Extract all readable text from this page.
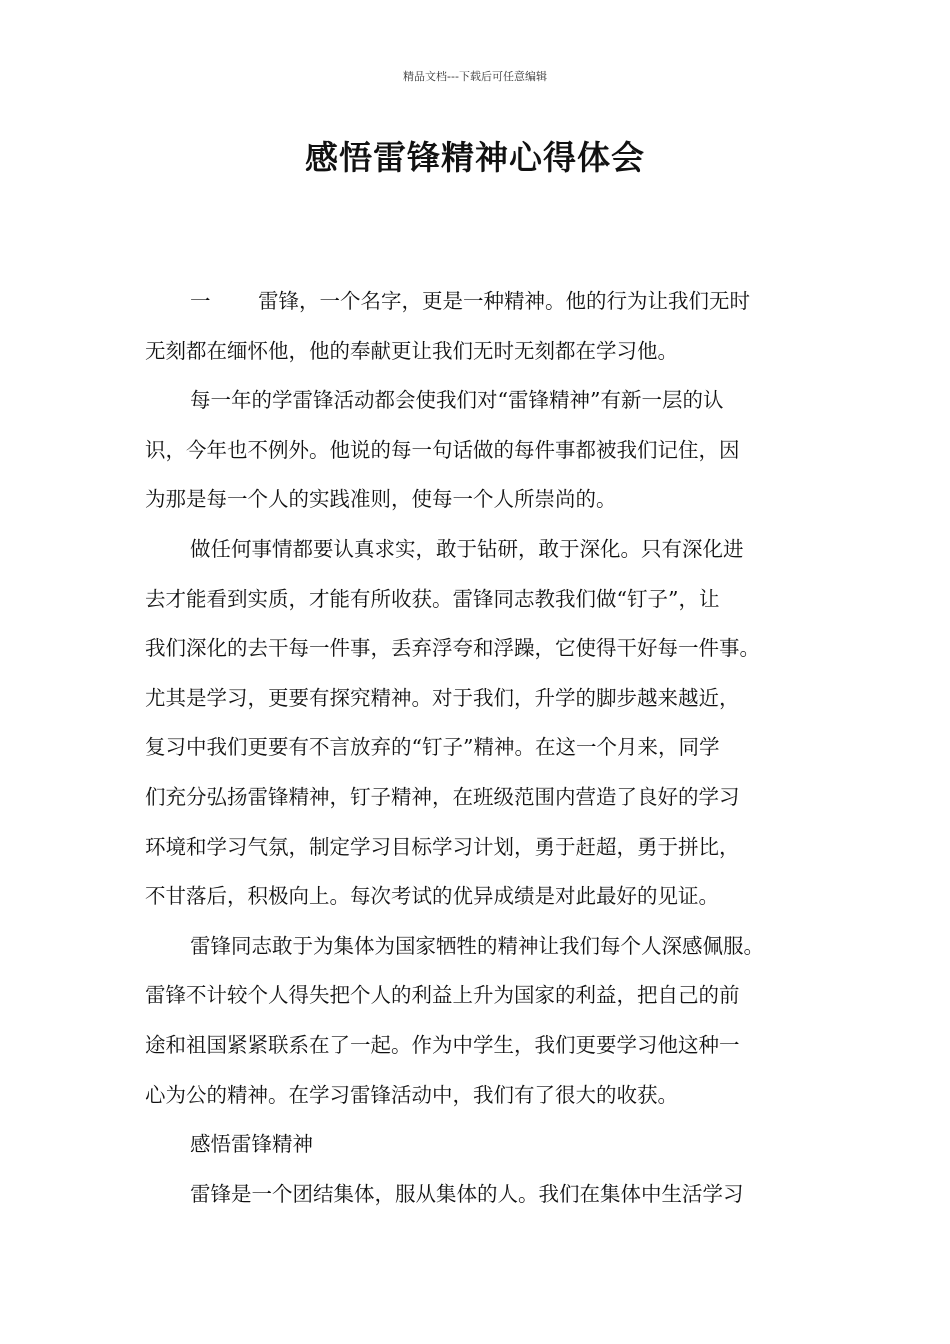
精品文档---下载后可任意编辑
感悟雷锋精神心得体会
一 雷锋，一个名字，更是一种精神。他的行为让我们无时
无刻都在缅怀他，他的奉献更让我们无时无刻都在学习他。
每一年的学雷锋活动都会使我们对“雷锋精神”有新一层的认
识，今年也不例外。他说的每一句话做的每件事都被我们记住，因
为那是每一个人的实践准则，使每一个人所崇尚的。
做任何事情都要认真求实，敢于钻研，敢于深化。只有深化进
去才能看到实质，才能有所收获。雷锋同志教我们做“钉子”，让
我们深化的去干每一件事，丢弃浮夸和浮躁，它使得干好每一件事。
尤其是学习，更要有探究精神。对于我们，升学的脚步越来越近，
复习中我们更要有不言放弃的“钉子”精神。在这一个月来，同学
们充分弘扬雷锋精神，钉子精神，在班级范围内营造了良好的学习
环境和学习气氛，制定学习目标学习计划，勇于赶超，勇于拼比，
不甘落后，积极向上。每次考试的优异成绩是对此最好的见证。
雷锋同志敢于为集体为国家牺牲的精神让我们每个人深感佩服。
雷锋不计较个人得失把个人的利益上升为国家的利益，把自己的前
途和祖国紧紧联系在了一起。作为中学生，我们更要学习他这种一
心为公的精神。在学习雷锋活动中，我们有了很大的收获。
感悟雷锋精神
雷锋是一个团结集体，服从集体的人。我们在集体中生活学习
